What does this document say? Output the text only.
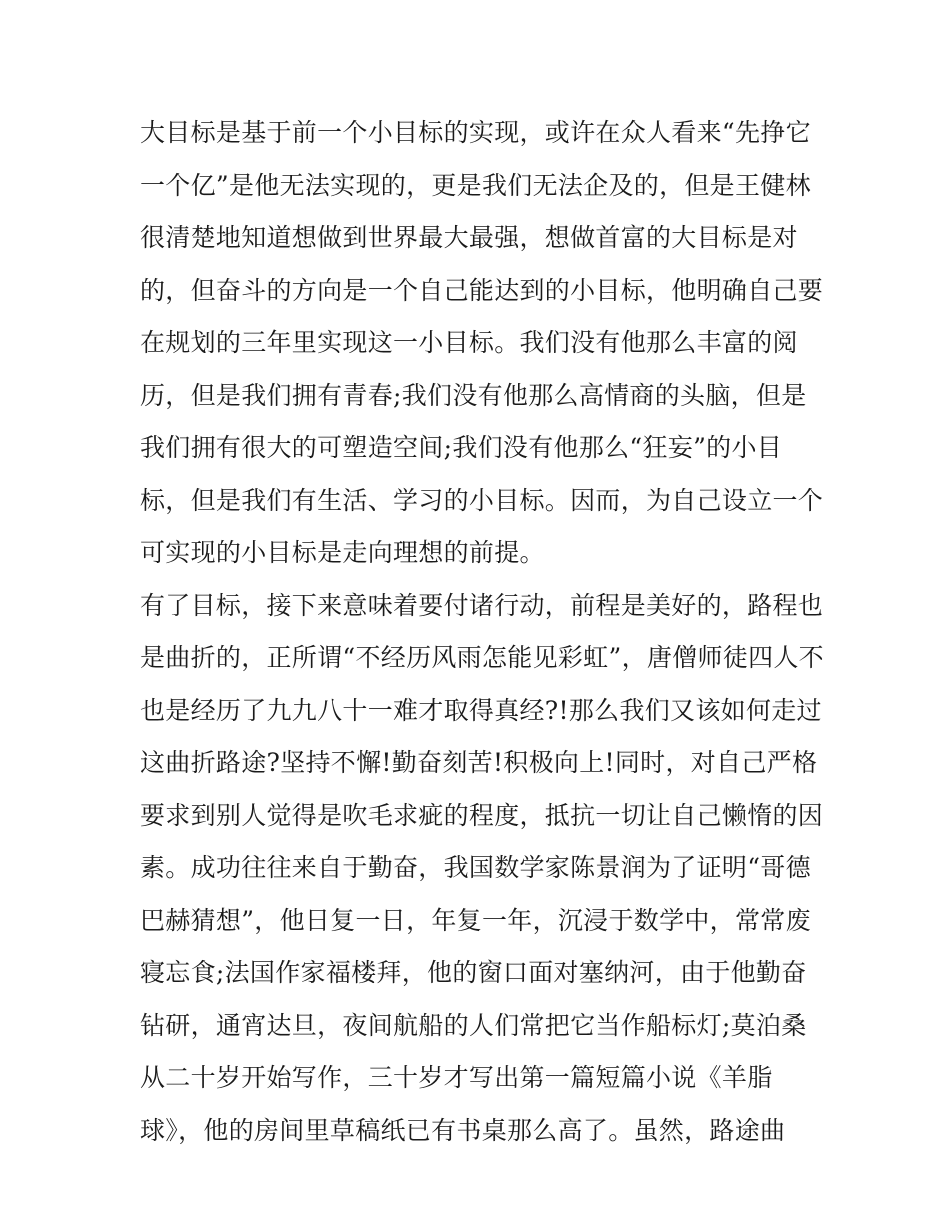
大目标是基于前一个小目标的实现，或许在众人看来“先挣它
一个亿”是他无法实现的，更是我们无法企及的，但是王健林
很清楚地知道想做到世界最大最强，想做首富的大目标是对
的，但奋斗的方向是一个自己能达到的小目标，他明确自己要
在规划的三年里实现这一小目标。我们没有他那么丰富的阅
历，但是我们拥有青春;我们没有他那么高情商的头脑，但是
我们拥有很大的可塑造空间;我们没有他那么“狂妄”的小目
标，但是我们有生活、学习的小目标。因而，为自己设立一个
可实现的小目标是走向理想的前提。
有了目标，接下来意味着要付诸行动，前程是美好的，路程也
是曲折的，正所谓“不经历风雨怎能见彩虹”，唐僧师徒四人不
也是经历了九九八十一难才取得真经?!那么我们又该如何走过
这曲折路途?坚持不懈!勤奋刻苦!积极向上!同时，对自己严格
要求到别人觉得是吹毛求疵的程度，抵抗一切让自己懒惰的因
素。成功往往来自于勤奋，我国数学家陈景润为了证明“哥德
巴赫猜想”，他日复一日，年复一年，沉浸于数学中，常常废
寝忘食;法国作家福楼拜，他的窗口面对塞纳河，由于他勤奋
钻研，通宵达旦，夜间航船的人们常把它当作船标灯;莫泊桑
从二十岁开始写作，三十岁才写出第一篇短篇小说《羊脂
球》，他的房间里草稿纸已有书桌那么高了。虽然，路途曲
